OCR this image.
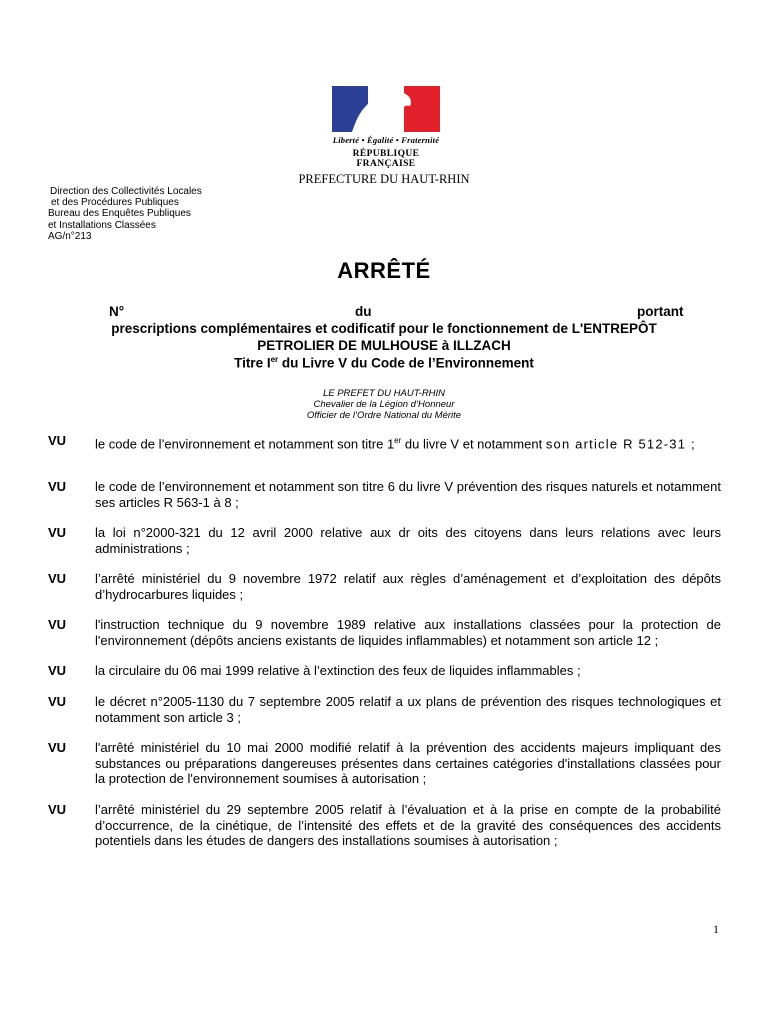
Liberté • Égalité • Fraternité
RÉPUBLIQUE FRANÇAISE
PREFECTURE DU HAUT-RHIN
Direction des Collectivités Locales
et des Procédures Publiques
Bureau des Enquêtes Publiques
et Installations Classées
AG/n°213
ARRÊTÉ
N°	du	portant
prescriptions complémentaires et codificatif pour le fonctionnement de L'ENTREPÔT
PETROLIER DE MULHOUSE à ILLZACH
Titre Ier du Livre V du Code de l’Environnement
LE PREFET DU HAUT-RHIN
Chevalier de la Légion d’Honneur
Officier de l’Ordre National du Mérite
VU le code de l’environnement et notamment son titre 1er du livre V et notamment son article R 512-31 ;
VU le code de l’environnement et notamment son titre 6 du livre V prévention des risques naturels et notamment ses articles R 563-1 à 8 ;
VU la loi n°2000-321 du 12 avril 2000 relative aux dr oits des citoyens dans leurs relations avec leurs administrations ;
VU l’arrêté ministériel du 9 novembre 1972 relatif aux règles d’aménagement et d’exploitation des dépôts d’hydrocarbures liquides ;
VU l'instruction technique du 9 novembre 1989 relative aux installations classées pour la protection de l'environnement (dépôts anciens existants de liquides inflammables) et notamment son article 12 ;
VU la circulaire du 06 mai 1999 relative à l’extinction des feux de liquides inflammables ;
VU le décret n°2005-1130 du 7 septembre 2005 relatif a ux plans de prévention des risques technologiques et notamment son article 3 ;
VU l'arrêté ministériel du 10 mai 2000 modifié relatif à la prévention des accidents majeurs impliquant des substances ou préparations dangereuses présentes dans certaines catégories d'installations classées pour la protection de l'environnement soumises à autorisation ;
VU l’arrêté ministériel du 29 septembre 2005 relatif à l’évaluation et à la prise en compte de la probabilité d’occurrence, de la cinétique, de l’intensité des effets et de la gravité des conséquences des accidents potentiels dans les études de dangers des installations soumises à autorisation ;
1
